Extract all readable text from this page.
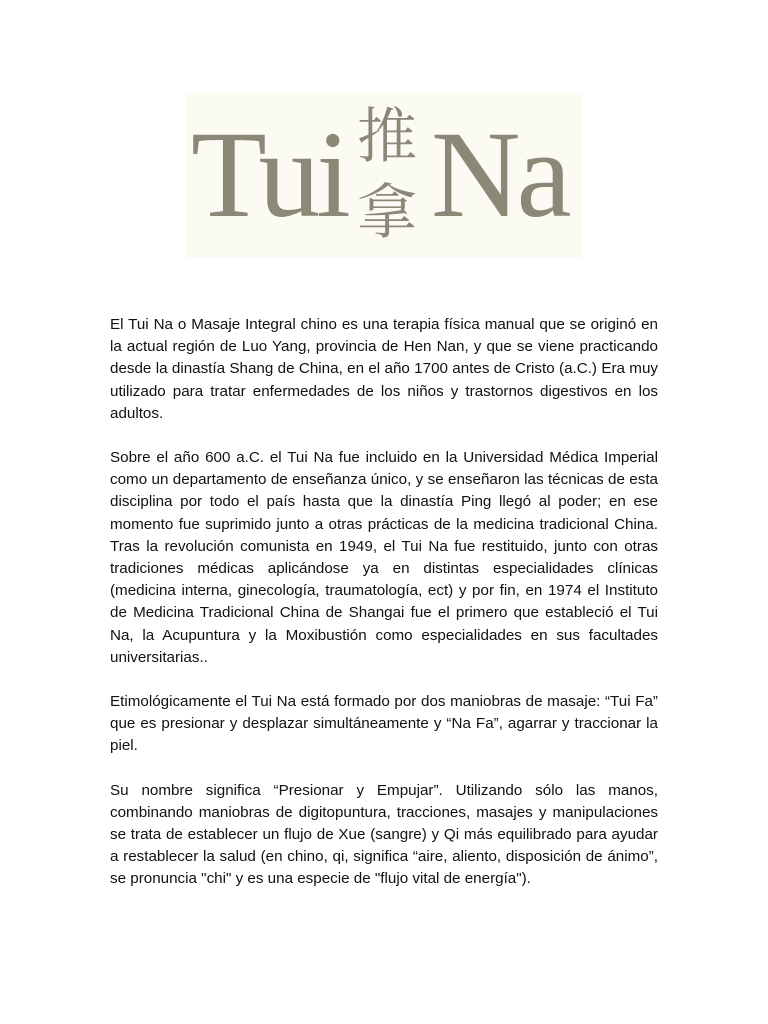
Tui 推
拿 Na

El Tui Na o Masaje Integral chino es una terapia física manual que se originó en la actual región de Luo Yang, provincia de Hen Nan, y que se viene practicando desde la dinastía Shang de China, en el año 1700 antes de Cristo (a.C.) Era muy utilizado para tratar enfermedades de los niños y trastornos digestivos en los adultos.

Sobre el año 600 a.C. el Tui Na fue incluido en la Universidad Médica Imperial como un departamento de enseñanza único, y se enseñaron las técnicas de esta disciplina por todo el país hasta que la dinastía Ping llegó al poder; en ese momento fue suprimido junto a otras prácticas de la medicina tradicional China. Tras la revolución comunista en 1949, el Tui Na fue restituido, junto con otras tradiciones médicas aplicándose ya en distintas especialidades clínicas (medicina interna, ginecología, traumatología, ect) y por fin, en 1974 el Instituto de Medicina Tradicional China de Shangai fue el primero que estableció el Tui Na, la Acupuntura y la Moxibustión como especialidades en sus facultades universitarias..

Etimológicamente el Tui Na está formado por dos maniobras de masaje: “Tui Fa” que es presionar y desplazar simultáneamente y “Na Fa”, agarrar y traccionar la piel.

Su nombre significa “Presionar y Empujar”. Utilizando sólo las manos, combinando maniobras de digitopuntura, tracciones, masajes y manipulaciones se trata de establecer un flujo de Xue (sangre) y Qi más equilibrado para ayudar a restablecer la salud (en chino, qi, significa “aire, aliento, disposición de ánimo”, se pronuncia "chi" y es una especie de "flujo vital de energía").
